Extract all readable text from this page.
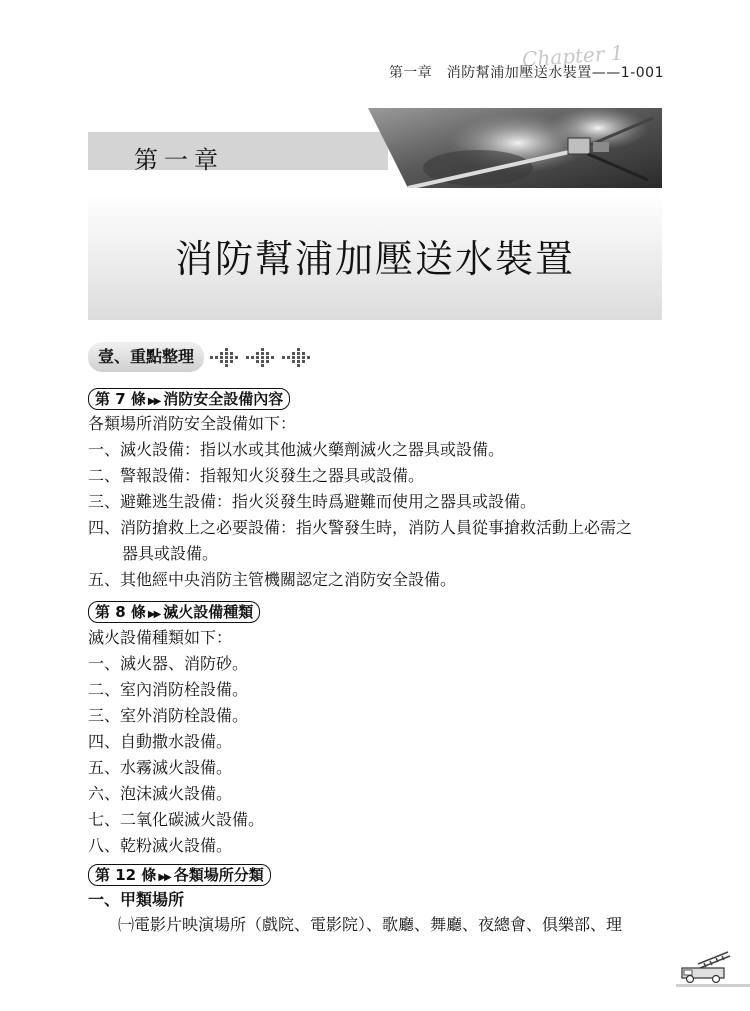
Chapter 1
第一章　消防幫浦加壓送水裝置——1-001
第一章
消防幫浦加壓送水裝置
壹、重點整理
第 7 條 ▶▶ 消防安全設備內容
各類場所消防安全設備如下：
一、滅火設備：指以水或其他滅火藥劑滅火之器具或設備。
二、警報設備：指報知火災發生之器具或設備。
三、避難逃生設備：指火災發生時爲避難而使用之器具或設備。
四、消防搶救上之必要設備：指火警發生時，消防人員從事搶救活動上必需之
器具或設備。
五、其他經中央消防主管機關認定之消防安全設備。
第 8 條 ▶▶ 滅火設備種類
滅火設備種類如下：
一、滅火器、消防砂。
二、室內消防栓設備。
三、室外消防栓設備。
四、自動撒水設備。
五、水霧滅火設備。
六、泡沫滅火設備。
七、二氧化碳滅火設備。
八、乾粉滅火設備。
第 12 條 ▶▶ 各類場所分類
一、甲類場所
㈠電影片映演場所（戲院、電影院）、歌廳、舞廳、夜總會、俱樂部、理
